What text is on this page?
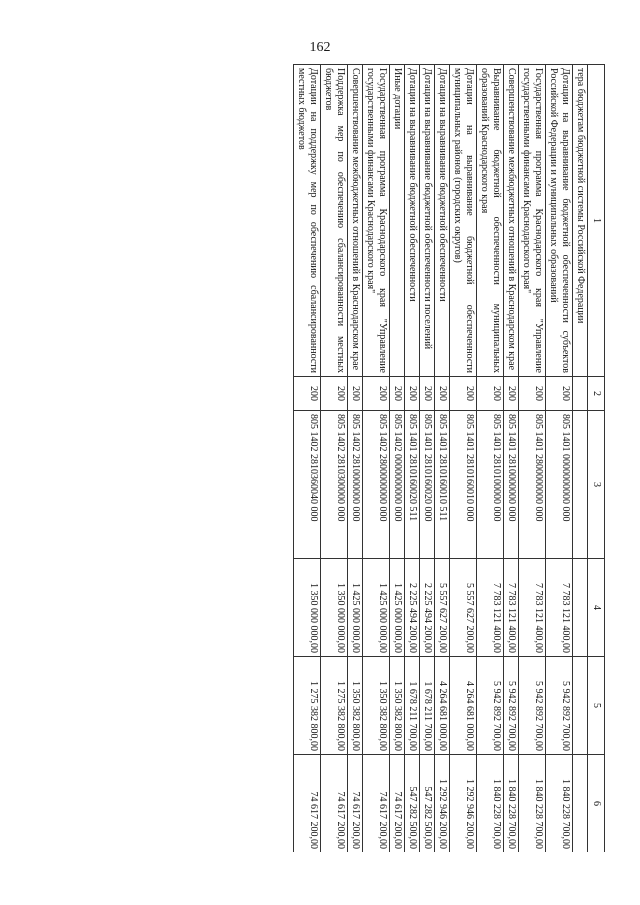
162
1	2	3	4	5	6
тера бюджетам бюджетной системы Российской Федерации					
Дотации на выравнивание бюджетной обеспеченности субъектов Российской Федерации и муниципальных образований	200	805 1401 0000000000 000	7 783 121 400,00	5 942 892 700,00	1 840 228 700,00
Государственная программа Краснодарского края "Управление государственными финансами Краснодарского края"	200	805 1401 2800000000 000	7 783 121 400,00	5 942 892 700,00	1 840 228 700,00
Совершенствование межбюджетных отношений в Краснодарском крае	200	805 1401 2810000000 000	7 783 121 400,00	5 942 892 700,00	1 840 228 700,00
Выравнивание бюджетной обеспеченности муниципальных образований Краснодарского края	200	805 1401 2810100000 000	7 783 121 400,00	5 942 892 700,00	1 840 228 700,00
Дотации на выравнивание бюджетной обеспеченности муниципальных районов (городских округов)	200	805 1401 2810160010 000	5 557 627 200,00	4 264 681 000,00	1 292 946 200,00
Дотации на выравнивание бюджетной обеспеченности	200	805 1401 2810160010 511	5 557 627 200,00	4 264 681 000,00	1 292 946 200,00
Дотации на выравнивание бюджетной обеспеченности поселений	200	805 1401 2810160020 000	2 225 494 200,00	1 678 211 700,00	547 282 500,00
Дотации на выравнивание бюджетной обеспеченности	200	805 1401 2810160020 511	2 225 494 200,00	1 678 211 700,00	547 282 500,00
Иные дотации	200	805 1402 0000000000 000	1 425 000 000,00	1 350 382 800,00	74 617 200,00
Государственная программа Краснодарского края "Управление государственными финансами Краснодарского края"	200	805 1402 2800000000 000	1 425 000 000,00	1 350 382 800,00	74 617 200,00
Совершенствование межбюджетных отношений в Краснодарском крае	200	805 1402 2810000000 000	1 425 000 000,00	1 350 382 800,00	74 617 200,00
Поддержка мер по обеспечению сбалансированности местных бюджетов	200	805 1402 2810300000 000	1 350 000 000,00	1 275 382 800,00	74 617 200,00
Дотации на поддержку мер по обеспечению сбалансированности местных бюджетов	200	805 1402 2810360040 000	1 350 000 000,00	1 275 382 800,00	74 617 200,00
